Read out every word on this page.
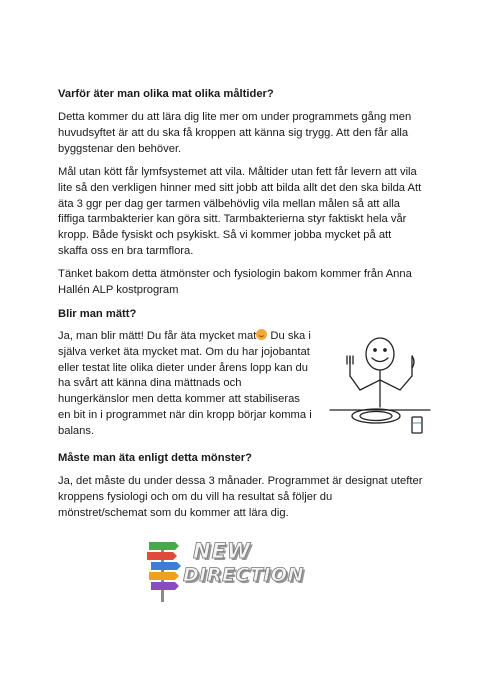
Varför äter man olika mat olika måltider?
Detta kommer du att lära dig lite mer om under programmets gång men huvudsyftet är att du ska få kroppen att känna sig trygg. Att den får alla byggstenar den behöver.
Mål utan kött får lymfsystemet att vila. Måltider utan fett får levern att vila lite så den verkligen hinner med sitt jobb att bilda allt det den ska bilda Att äta 3 ggr per dag ger tarmen välbehövlig vila mellan målen så att alla fiffiga tarmbakterier kan göra sitt. Tarmbakterierna styr faktiskt hela vår kropp. Både fysiskt och psykiskt. Så vi kommer jobba mycket på att skaffa oss en bra tarmflora.
Tänket bakom detta ätmönster och fysiologin bakom kommer från Anna Hallén ALP kostprogram
Blir man mätt?
Ja, man blir mätt! Du får äta mycket mat Du ska i själva verket äta mycket mat. Om du har jojobantat eller testat lite olika dieter under årens lopp kan du ha svårt att känna dina mättnads och hungerkänslor men detta kommer att stabiliseras en bit in i programmet när din kropp börjar komma i balans.
Måste man äta enligt detta mönster?
Ja, det måste du under dessa 3 månader. Programmet är designat utefter kroppens fysiologi och om du vill ha resultat så följer du mönstret/schemat som du kommer att lära dig.
NEW
DIRECTION
